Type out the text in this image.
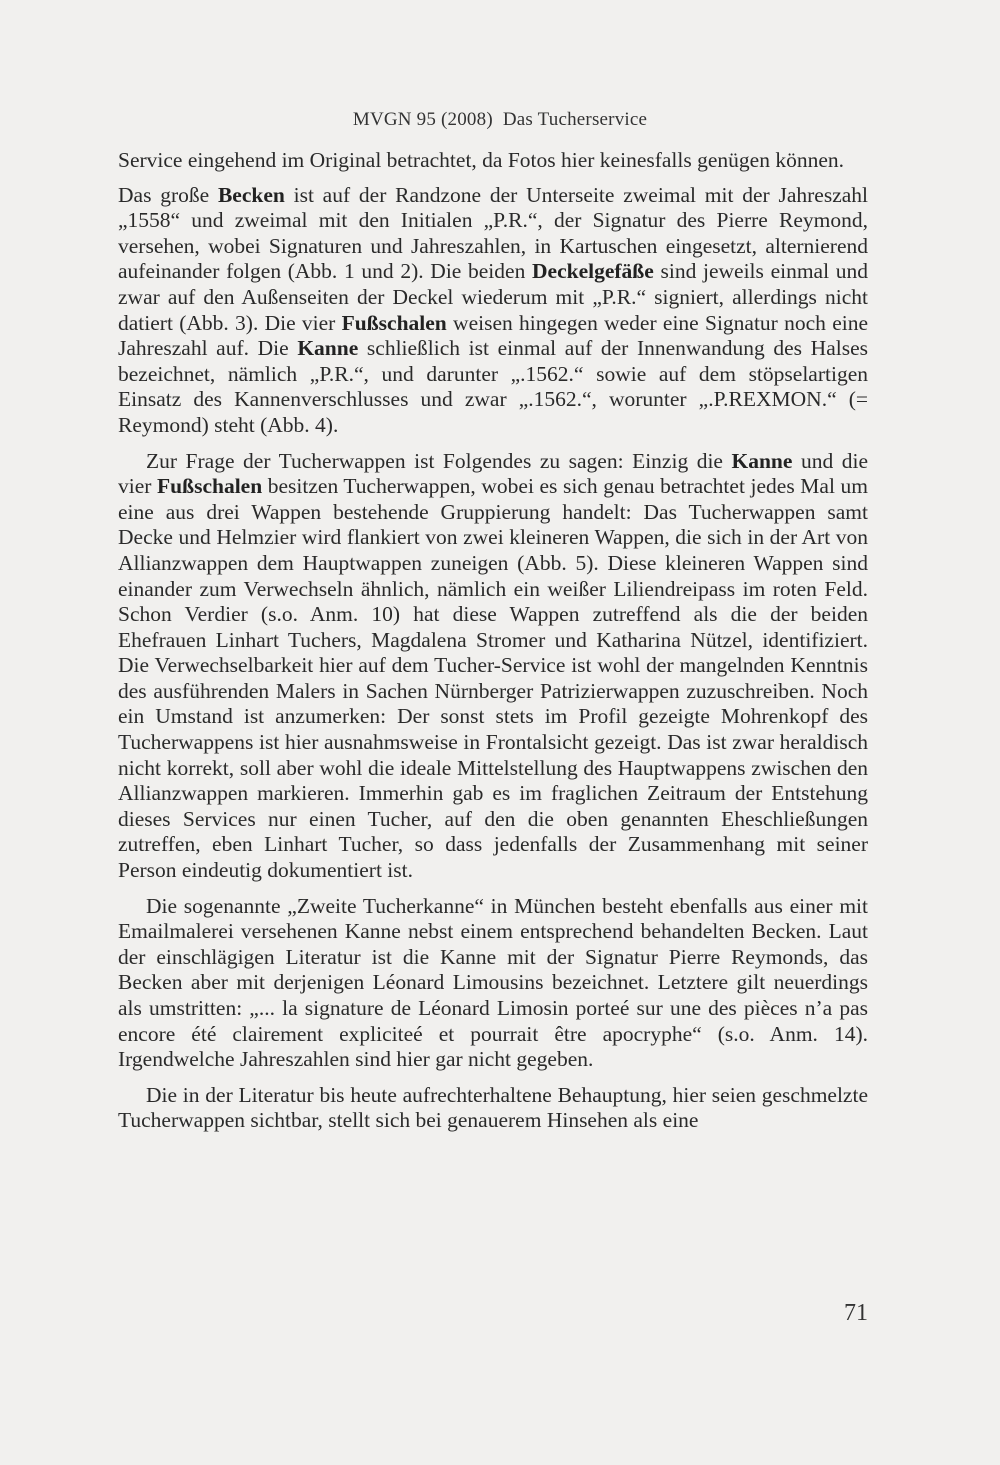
MVGN 95 (2008) Das Tucherservice

Service eingehend im Original betrachtet, da Fotos hier keinesfalls genügen können.

Das große Becken ist auf der Randzone der Unterseite zweimal mit der Jahreszahl „1558“ und zweimal mit den Initialen „P.R.“, der Signatur des Pierre Reymond, versehen, wobei Signaturen und Jahreszahlen, in Kartuschen eingesetzt, alternierend aufeinander folgen (Abb. 1 und 2). Die beiden Deckelgefäße sind jeweils einmal und zwar auf den Außenseiten der Deckel wiederum mit „P.R.“ signiert, allerdings nicht datiert (Abb. 3). Die vier Fußschalen weisen hingegen weder eine Signatur noch eine Jahreszahl auf. Die Kanne schließlich ist einmal auf der Innenwandung des Halses bezeichnet, nämlich „P.R.“, und darunter „.1562.“ sowie auf dem stöpselartigen Einsatz des Kannenverschlusses und zwar „.1562.“, worunter „.P.REXMON.“ (= Reymond) steht (Abb. 4).

Zur Frage der Tucherwappen ist Folgendes zu sagen: Einzig die Kanne und die vier Fußschalen besitzen Tucherwappen, wobei es sich genau betrachtet jedes Mal um eine aus drei Wappen bestehende Gruppierung handelt: Das Tucherwappen samt Decke und Helmzier wird flankiert von zwei kleineren Wappen, die sich in der Art von Allianzwappen dem Hauptwappen zuneigen (Abb. 5). Diese kleineren Wappen sind einander zum Verwechseln ähnlich, nämlich ein weißer Liliendreipass im roten Feld. Schon Verdier (s.o. Anm. 10) hat diese Wappen zutreffend als die der beiden Ehefrauen Linhart Tuchers, Magdalena Stromer und Katharina Nützel, identifiziert. Die Verwechselbarkeit hier auf dem Tucher-Service ist wohl der mangelnden Kenntnis des ausführenden Malers in Sachen Nürnberger Patrizierwappen zuzuschreiben. Noch ein Umstand ist anzumerken: Der sonst stets im Profil gezeigte Mohrenkopf des Tucherwappens ist hier ausnahmsweise in Frontalsicht gezeigt. Das ist zwar heraldisch nicht korrekt, soll aber wohl die ideale Mittelstellung des Hauptwappens zwischen den Allianzwappen markieren. Immerhin gab es im fraglichen Zeitraum der Entstehung dieses Services nur einen Tucher, auf den die oben genannten Eheschließungen zutreffen, eben Linhart Tucher, so dass jedenfalls der Zusammenhang mit seiner Person eindeutig dokumentiert ist.

Die sogenannte „Zweite Tucherkanne“ in München besteht ebenfalls aus einer mit Emailmalerei versehenen Kanne nebst einem entsprechend behandelten Becken. Laut der einschlägigen Literatur ist die Kanne mit der Signatur Pierre Reymonds, das Becken aber mit derjenigen Léonard Limousins bezeichnet. Letztere gilt neuerdings als umstritten: „... la signature de Léonard Limosin porteé sur une des pièces n’a pas encore été clairement expliciteé et pourrait être apocryphe“ (s.o. Anm. 14). Irgendwelche Jahreszahlen sind hier gar nicht gegeben.

Die in der Literatur bis heute aufrechterhaltene Behauptung, hier seien geschmelzte Tucherwappen sichtbar, stellt sich bei genauerem Hinsehen als eine

71
